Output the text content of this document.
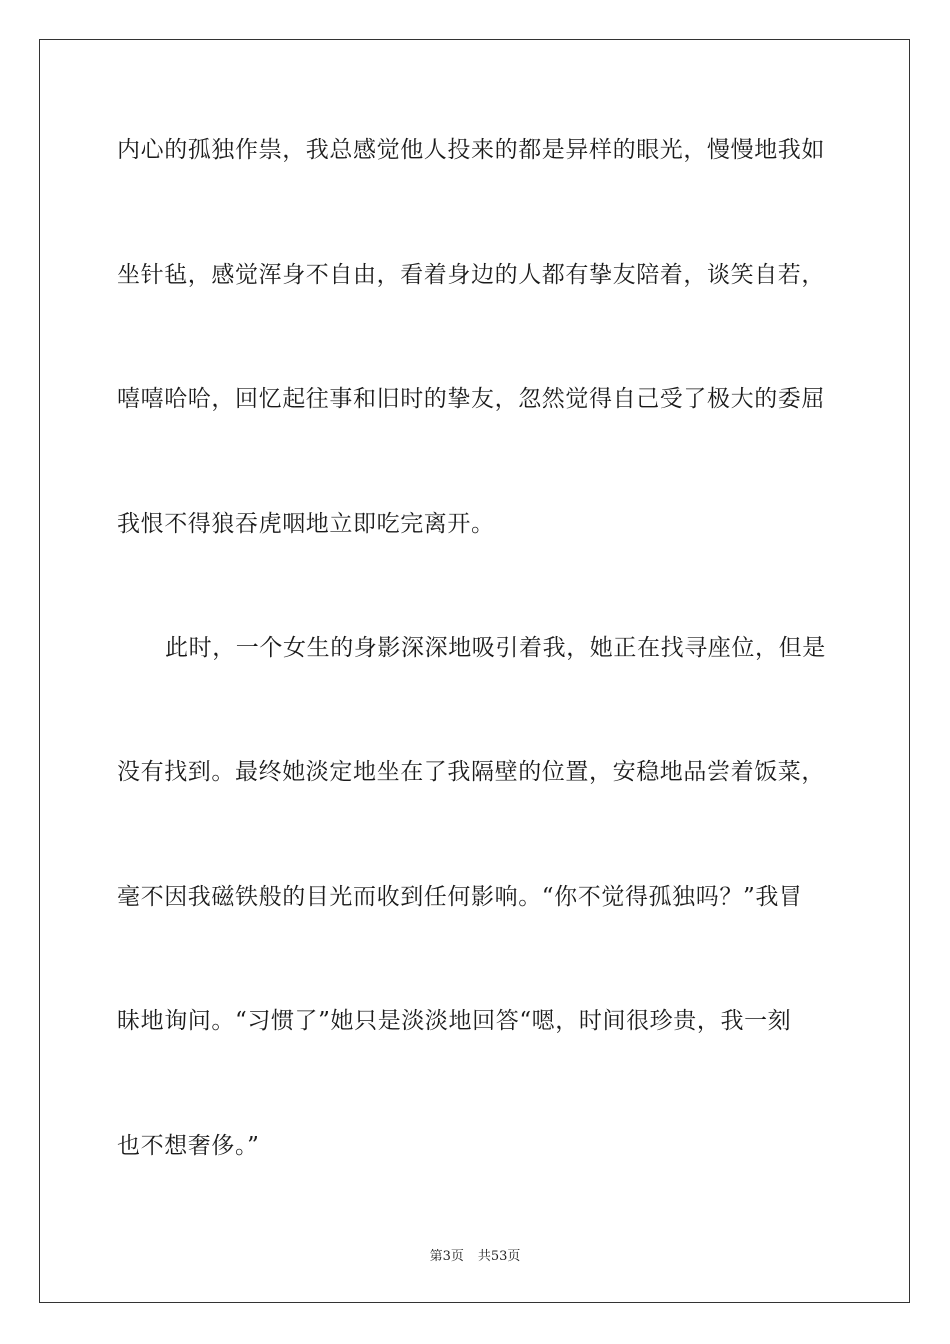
内心的孤独作祟，我总感觉他人投来的都是异样的眼光，慢慢地我如
坐针毡，感觉浑身不自由，看着身边的人都有挚友陪着，谈笑自若，
嘻嘻哈哈，回忆起往事和旧时的挚友，忽然觉得自己受了极大的委屈
我恨不得狼吞虎咽地立即吃完离开。
此时，一个女生的身影深深地吸引着我，她正在找寻座位，但是
没有找到。最终她淡定地坐在了我隔壁的位置，安稳地品尝着饭菜，
毫不因我磁铁般的目光而收到任何影响。“你不觉得孤独吗？”我冒
昧地询问。“习惯了”她只是淡淡地回答“嗯，时间很珍贵，我一刻
也不想奢侈。”
第3页 共53页
